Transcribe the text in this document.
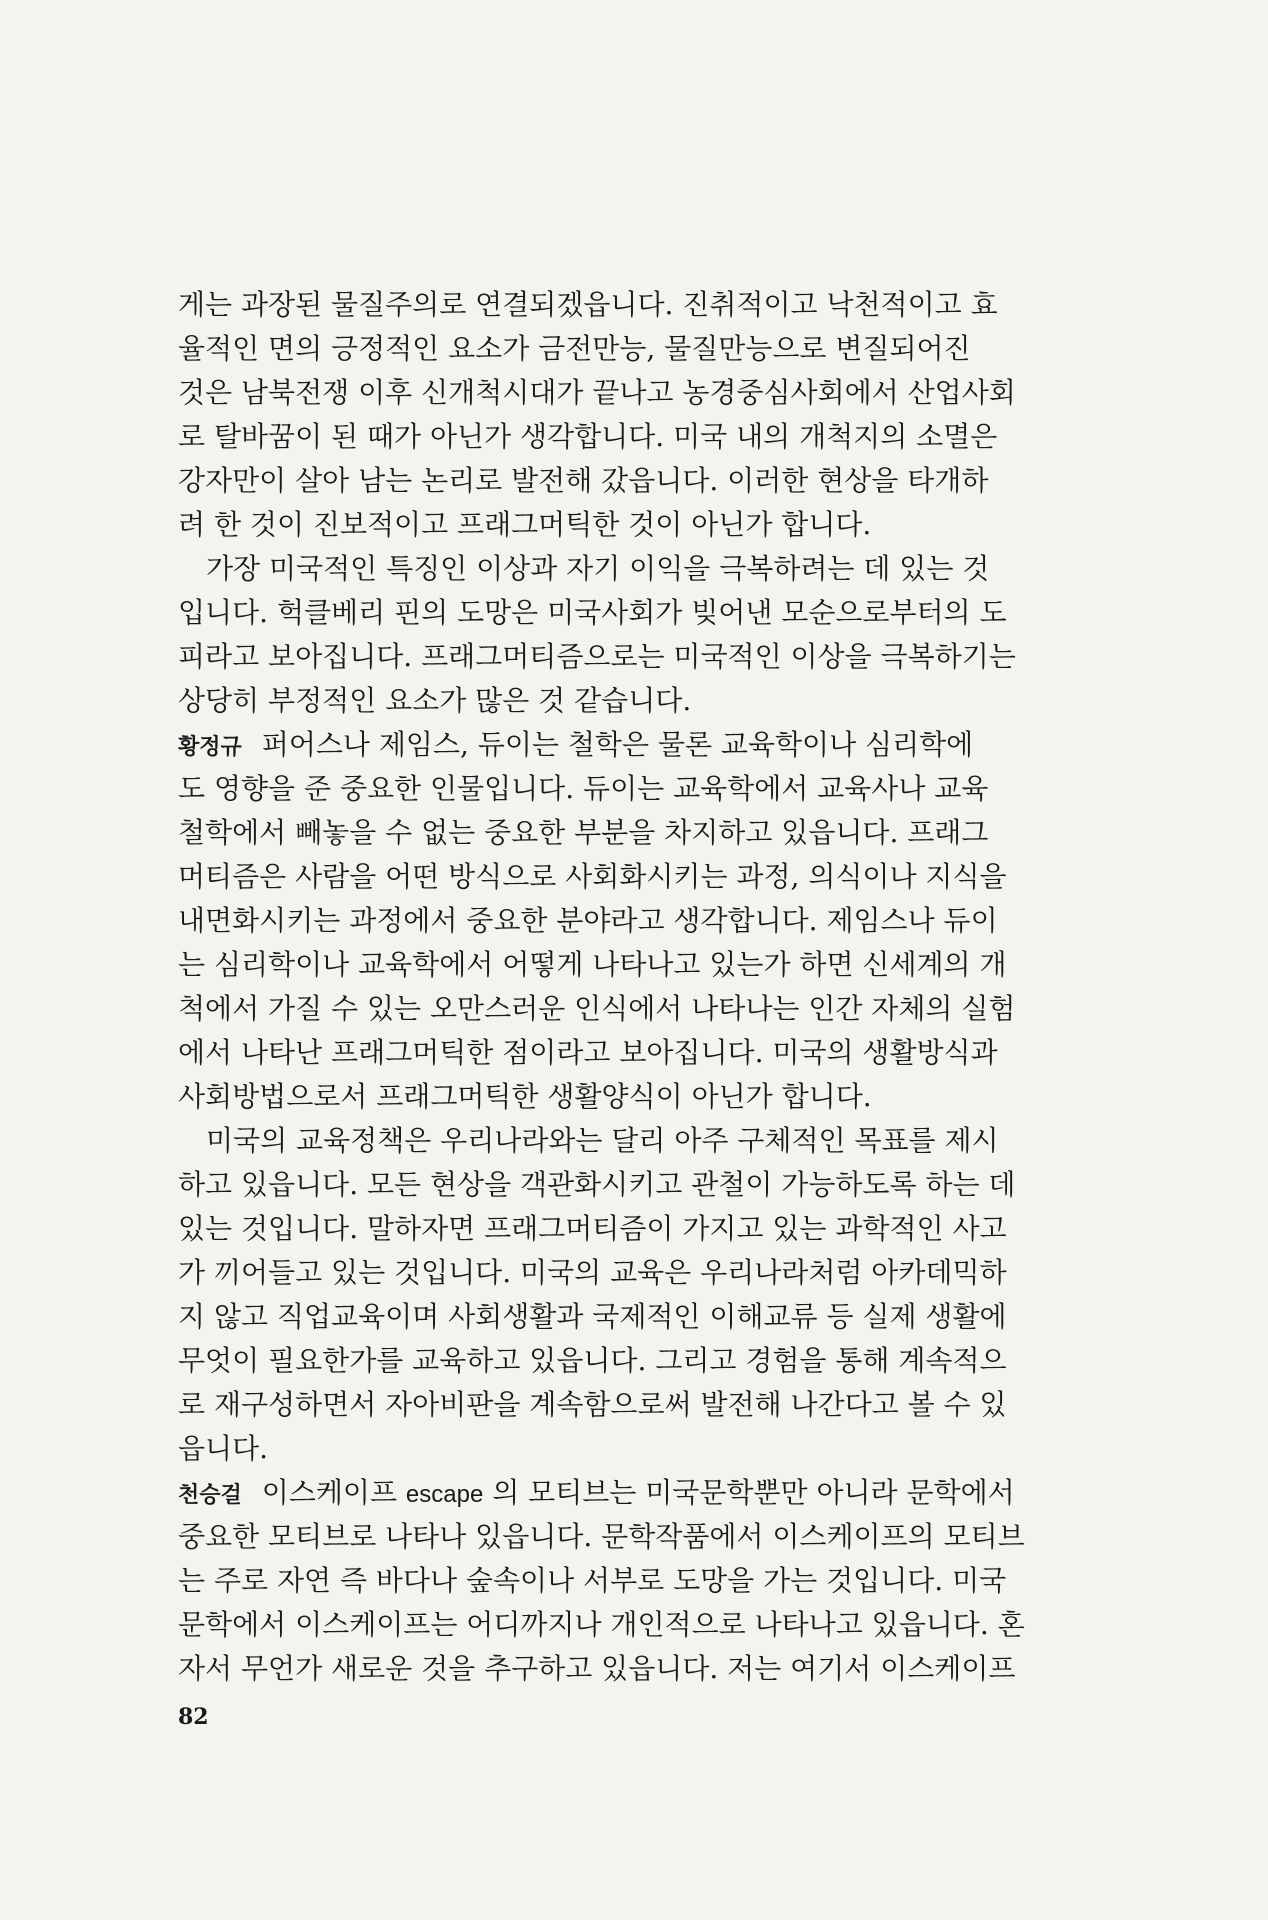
게는 과장된 물질주의로 연결되겠읍니다. 진취적이고 낙천적이고 효
율적인 면의 긍정적인 요소가 금전만능, 물질만능으로 변질되어진
것은 남북전쟁 이후 신개척시대가 끝나고 농경중심사회에서 산업사회
로 탈바꿈이 된 때가 아닌가 생각합니다. 미국 내의 개척지의 소멸은
강자만이 살아 남는 논리로 발전해 갔읍니다. 이러한 현상을 타개하
려 한 것이 진보적이고 프래그머틱한 것이 아닌가 합니다.
가장 미국적인 특징인 이상과 자기 이익을 극복하려는 데 있는 것
입니다. 헉클베리 핀의 도망은 미국사회가 빚어낸 모순으로부터의 도
피라고 보아집니다. 프래그머티즘으로는 미국적인 이상을 극복하기는
상당히 부정적인 요소가 많은 것 같습니다.
황정규 퍼어스나 제임스, 듀이는 철학은 물론 교육학이나 심리학에
도 영향을 준 중요한 인물입니다. 듀이는 교육학에서 교육사나 교육
철학에서 빼놓을 수 없는 중요한 부분을 차지하고 있읍니다. 프래그
머티즘은 사람을 어떤 방식으로 사회화시키는 과정, 의식이나 지식을
내면화시키는 과정에서 중요한 분야라고 생각합니다. 제임스나 듀이
는 심리학이나 교육학에서 어떻게 나타나고 있는가 하면 신세계의 개
척에서 가질 수 있는 오만스러운 인식에서 나타나는 인간 자체의 실험
에서 나타난 프래그머틱한 점이라고 보아집니다. 미국의 생활방식과
사회방법으로서 프래그머틱한 생활양식이 아닌가 합니다.
미국의 교육정책은 우리나라와는 달리 아주 구체적인 목표를 제시
하고 있읍니다. 모든 현상을 객관화시키고 관철이 가능하도록 하는 데
있는 것입니다. 말하자면 프래그머티즘이 가지고 있는 과학적인 사고
가 끼어들고 있는 것입니다. 미국의 교육은 우리나라처럼 아카데믹하
지 않고 직업교육이며 사회생활과 국제적인 이해교류 등 실제 생활에
무엇이 필요한가를 교육하고 있읍니다. 그리고 경험을 통해 계속적으
로 재구성하면서 자아비판을 계속함으로써 발전해 나간다고 볼 수 있
읍니다.
천승걸 이스케이프 escape 의 모티브는 미국문학뿐만 아니라 문학에서
중요한 모티브로 나타나 있읍니다. 문학작품에서 이스케이프의 모티브
는 주로 자연 즉 바다나 숲속이나 서부로 도망을 가는 것입니다. 미국
문학에서 이스케이프는 어디까지나 개인적으로 나타나고 있읍니다. 혼
자서 무언가 새로운 것을 추구하고 있읍니다. 저는 여기서 이스케이프
82
